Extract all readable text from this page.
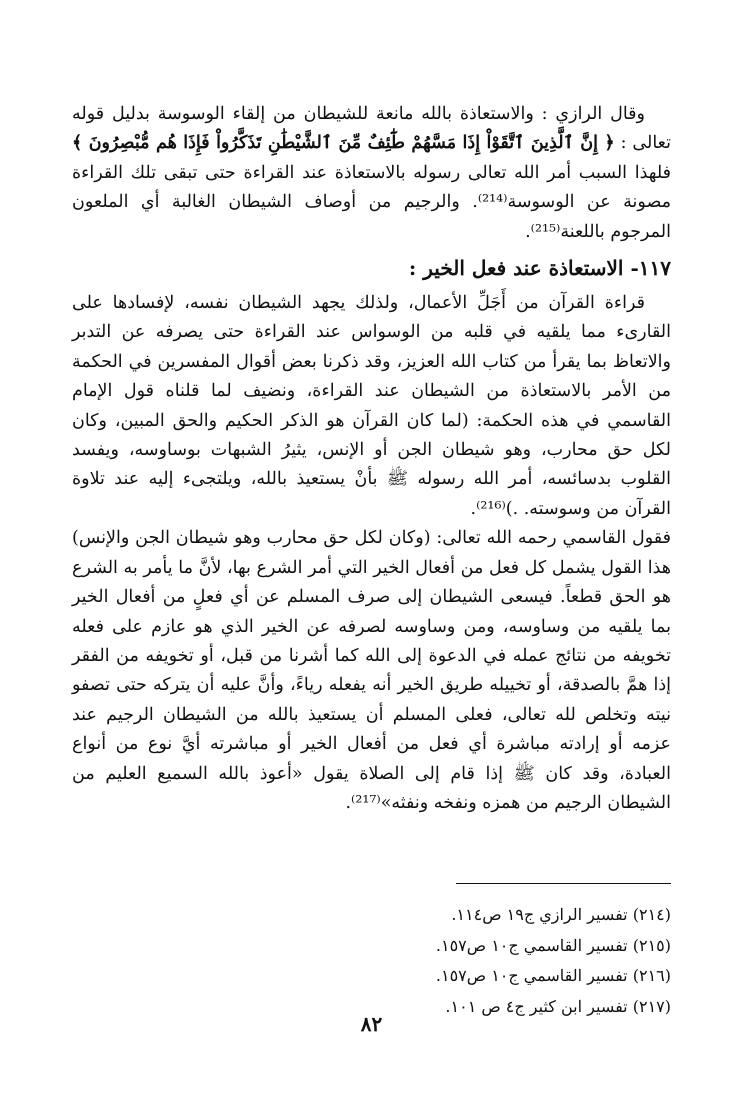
وقال الرازي : والاستعاذة بالله مانعة للشيطان من إلقاء الوسوسة بدليل قوله تعالى : ﴿ إِنَّ ٱلَّذِينَ ٱتَّقَوْاْ إِذَا مَسَّهُمْ طَٰٓئِفٌ مِّنَ ٱلشَّيْطَٰنِ تَذَكَّرُواْ فَإِذَا هُم مُّبْصِرُونَ ﴾ فلهذا السبب أمر الله تعالى رسوله بالاستعاذة عند القراءة حتى تبقى تلك القراءة مصونة عن الوسوسة⁽²¹⁴⁾. والرجيم من أوصاف الشيطان الغالبة أي الملعون المرجوم باللعنة⁽²¹⁵⁾.

١١٧- الاستعاذة عند فعل الخير :

قراءة القرآن من أَجَلِّ الأعمال، ولذلك يجهد الشيطان نفسه، لإفسادها على القارىء مما يلقيه في قلبه من الوسواس عند القراءة حتى يصرفه عن التدبر والاتعاظ بما يقرأ من كتاب الله العزيز، وقد ذكرنا بعض أقوال المفسرين في الحكمة من الأمر بالاستعاذة من الشيطان عند القراءة، ونضيف لما قلناه قول الإمام القاسمي في هذه الحكمة: (لما كان القرآن هو الذكر الحكيم والحق المبين، وكان لكل حق محارب، وهو شيطان الجن أو الإنس، يثيرُ الشبهات بوساوسه، ويفسد القلوب بدسائسه، أمر الله رسوله ﷺ بأنْ يستعيذ بالله، ويلتجىء إليه عند تلاوة القرآن من وسوسته. .)⁽²¹⁶⁾.

فقول القاسمي رحمه الله تعالى: (وكان لكل حق محارب وهو شيطان الجن والإنس) هذا القول يشمل كل فعل من أفعال الخير التي أمر الشرع بها، لأنَّ ما يأمر به الشرع هو الحق قطعاً. فيسعى الشيطان إلى صرف المسلم عن أي فعلٍ من أفعال الخير بما يلقيه من وساوسه، ومن وساوسه لصرفه عن الخير الذي هو عازم على فعله تخويفه من نتائج عمله في الدعوة إلى الله كما أشرنا من قبل، أو تخويفه من الفقر إذا همَّ بالصدقة، أو تخييله طريق الخير أنه يفعله رياءً، وأنَّ عليه أن يتركه حتى تصفو نيته وتخلص لله تعالى، فعلى المسلم أن يستعيذ بالله من الشيطان الرجيم عند عزمه أو إرادته مباشرة أي فعل من أفعال الخير أو مباشرته أيَّ نوع من أنواع العبادة، وقد كان ﷺ إذا قام إلى الصلاة يقول «أعوذ بالله السميع العليم من الشيطان الرجيم من همزه ونفخه ونفثه»⁽²¹⁷⁾.

(٢١٤) تفسير الرازي ج١٩ ص١١٤.

(٢١٥) تفسير القاسمي ج١٠ ص١٥٧.

(٢١٦) تفسير القاسمي ج١٠ ص١٥٧.

(٢١٧) تفسير ابن كثير ج٤ ص ١٠١.

٨٢
